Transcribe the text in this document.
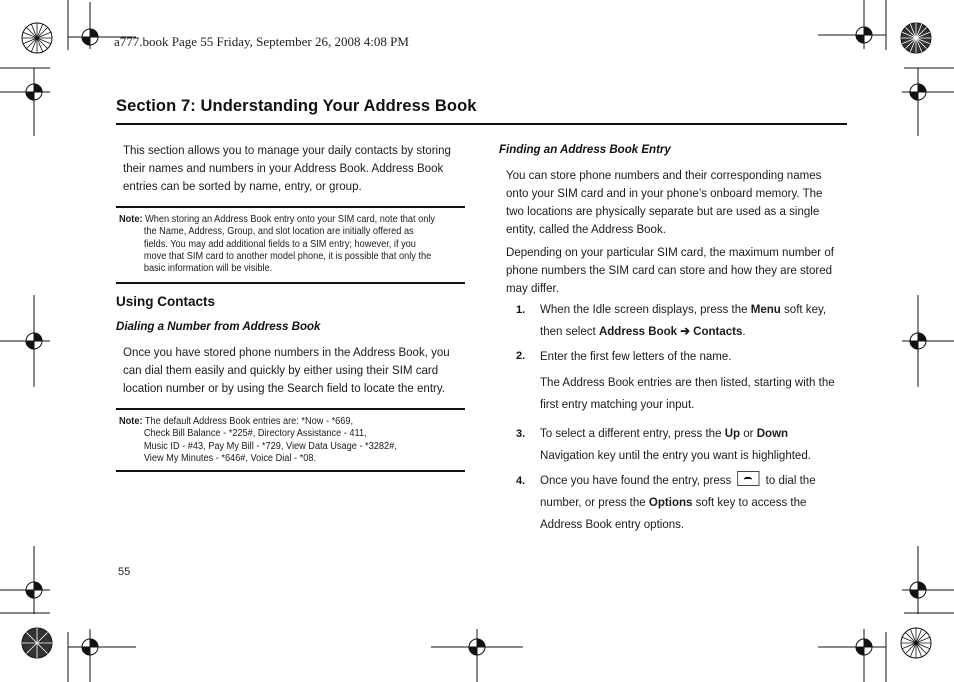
a777.book Page 55 Friday, September 26, 2008 4:08 PM
Section 7: Understanding Your Address Book
This section allows you to manage your daily contacts by storing
their names and numbers in your Address Book. Address Book
entries can be sorted by name, entry, or group.
Note: When storing an Address Book entry onto your SIM card, note that only
the Name, Address, Group, and slot location are initially offered as
fields. You may add additional fields to a SIM entry; however, if you
move that SIM card to another model phone, it is possible that only the
basic information will be visible.
Using Contacts
Dialing a Number from Address Book
Once you have stored phone numbers in the Address Book, you
can dial them easily and quickly by either using their SIM card
location number or by using the Search field to locate the entry.
Note: The default Address Book entries are: *Now - *669,
Check Bill Balance - *225#, Directory Assistance - 411,
Music ID - #43, Pay My Bill - *729, View Data Usage - *3282#,
View My Minutes - *646#, Voice Dial - *08.
Finding an Address Book Entry
You can store phone numbers and their corresponding names
onto your SIM card and in your phone’s onboard memory. The
two locations are physically separate but are used as a single
entity, called the Address Book.
Depending on your particular SIM card, the maximum number of
phone numbers the SIM card can store and how they are stored
may differ.
1. When the Idle screen displays, press the Menu soft key,
then select Address Book ➔ Contacts.
2. Enter the first few letters of the name.
The Address Book entries are then listed, starting with the
first entry matching your input.
3. To select a different entry, press the Up or Down
Navigation key until the entry you want is highlighted.
4. Once you have found the entry, press  to dial the
number, or press the Options soft key to access the
Address Book entry options.
55
